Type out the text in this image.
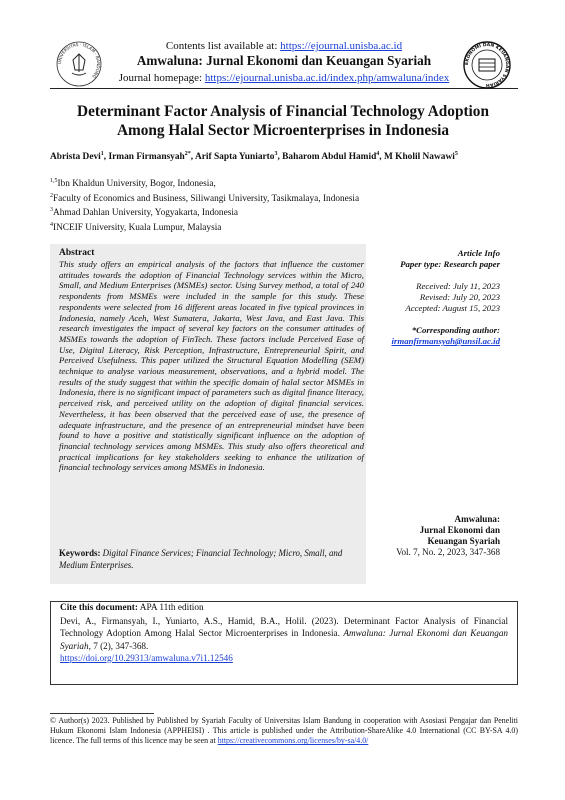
UNIVERSITAS · ISLAM · BANDUNG
EKONOMI DAN KEUANGAN SYARIAH
Contents list available at: https://ejournal.unisba.ac.id
Amwaluna: Jurnal Ekonomi dan Keuangan Syariah
Journal homepage: https://ejournal.unisba.ac.id/index.php/amwaluna/index
Determinant Factor Analysis of Financial Technology Adoption
Among Halal Sector Microenterprises in Indonesia
Abrista Devi$^1$, Irman Firmansyah$^{2*}$, Arif Sapta Yuniarto$^3$, Baharom Abdul Hamid$^4$, M Kholil Nawawi$^5$
$^{1,5}$Ibn Khaldun University, Bogor, Indonesia,
$^2$Faculty of Economics and Business, Siliwangi University, Tasikmalaya, Indonesia
$^3$Ahmad Dahlan University, Yogyakarta, Indonesia
$^4$INCEIF University, Kuala Lumpur, Malaysia
Abstract
This study offers an empirical analysis of the factors that influence the customer attitudes towards the adoption of Financial Technology services within the Micro, Small, and Medium Enterprises (MSMEs) sector. Using Survey method, a total of 240 respondents from MSMEs were included in the sample for this study. These respondents were selected from 16 different areas located in five typical provinces in Indonesia, namely Aceh, West Sumatera, Jakarta, West Java, and East Java. This research investigates the impact of several key factors on the consumer attitudes of MSMEs towards the adoption of FinTech. These factors include Perceived Ease of Use, Digital Literacy, Risk Perception, Infrastructure, Entrepreneurial Spirit, and Perceived Usefulness. This paper utilized the Structural Equation Modelling (SEM) technique to analyse various measurement, observations, and a hybrid model. The results of the study suggest that within the specific domain of halal sector MSMEs in Indonesia, there is no significant impact of parameters such as digital finance literacy, perceived risk, and perceived utility on the adoption of digital financial services. Nevertheless, it has been observed that the perceived ease of use, the presence of adequate infrastructure, and the presence of an entrepreneurial mindset have been found to have a positive and statistically significant influence on the adoption of financial technology services among MSMEs. This study also offers theoretical and practical implications for key stakeholders seeking to enhance the utilization of financial technology services among MSMEs in Indonesia.
Keywords: Digital Finance Services; Financial Technology; Micro, Small, and Medium Enterprises.
Article Info
Paper type: Research paper
Received: July 11, 2023
Revised: July 20, 2023
Accepted: August 15, 2023
*Corresponding author:
irmanfirmansyah@unsil.ac.id
Amwaluna:
Jurnal Ekonomi dan
Keuangan Syariah
Vol. 7, No. 2, 2023, 347-368
Cite this document: APA 11th edition
Devi, A., Firmansyah, I., Yuniarto, A.S., Hamid, B.A., Holil. (2023). Determinant Factor Analysis of Financial Technology Adoption Among Halal Sector Microenterprises in Indonesia. Amwaluna: Jurnal Ekonomi dan Keuangan Syariah, 7 (2), 347-368.
https://doi.org/10.29313/amwaluna.v7i1.12546
© Author(s) 2023. Published by Published by Syariah Faculty of Universitas Islam Bandung in cooperation with Asosiasi Pengajar dan Peneliti Hukum Ekonomi Islam Indonesia (APPHEISI) . This article is published under the Attribution-ShareAlike 4.0 International (CC BY-SA 4.0) licence. The full terms of this licence may be seen at https://creativecommons.org/licenses/by-sa/4.0/
